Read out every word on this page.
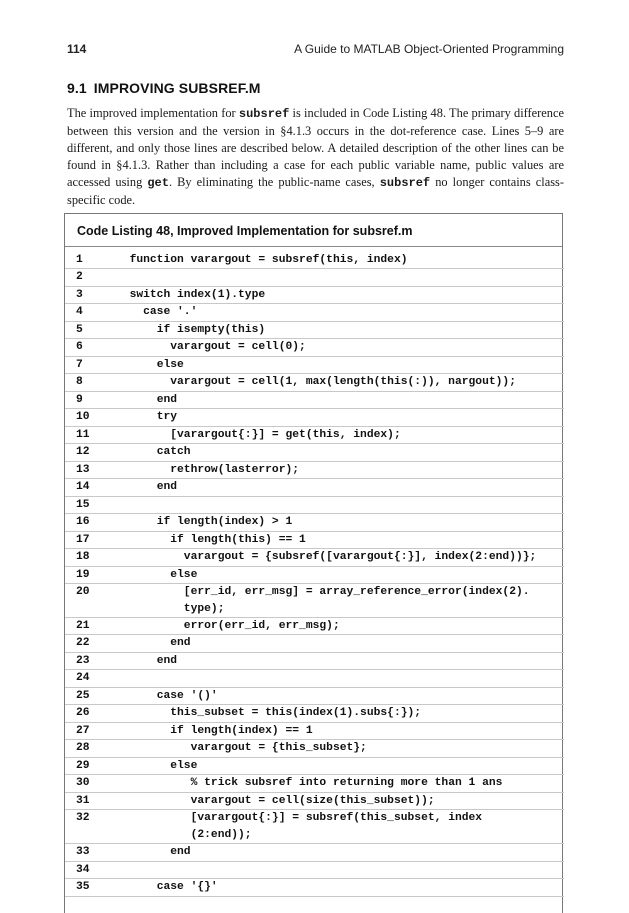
114	A Guide to MATLAB Object-Oriented Programming
9.1 IMPROVING SUBSREF.M

The improved implementation for subsref is included in Code Listing 48. The primary difference between this version and the version in §4.1.3 occurs in the dot-reference case. Lines 5–9 are different, and only those lines are described below. A detailed description of the other lines can be found in §4.1.3. Rather than including a case for each public variable name, public values are accessed using get. By eliminating the public-name cases, subsref no longer contains class-specific code.

Code Listing 48, Improved Implementation for subsref.m
1	function varargout = subsref(this, index)
2
3	switch index(1).type
4	case '.'
5	if isempty(this)
6	varargout = cell(0);
7	else
8	varargout = cell(1, max(length(this(:)), nargout));
9	end
10	try
11	[varargout{:}] = get(this, index);
12	catch
13	rethrow(lasterror);
14	end
15
16	if length(index) > 1
17	if length(this) == 1
18	varargout = {subsref([varargout{:}], index(2:end))};
19	else
20	[err_id, err_msg] = array_reference_error(index(2).
type);
21	error(err_id, err_msg);
22	end
23	end
24
25	case '()'
26	this_subset = this(index(1).subs{:});
27	if length(index) == 1
28	varargout = {this_subset};
29	else
30	% trick subsref into returning more than 1 ans
31	varargout = cell(size(this_subset));
32	[varargout{:}] = subsref(this_subset, index
(2:end));
33	end
34
35	case '{}'
